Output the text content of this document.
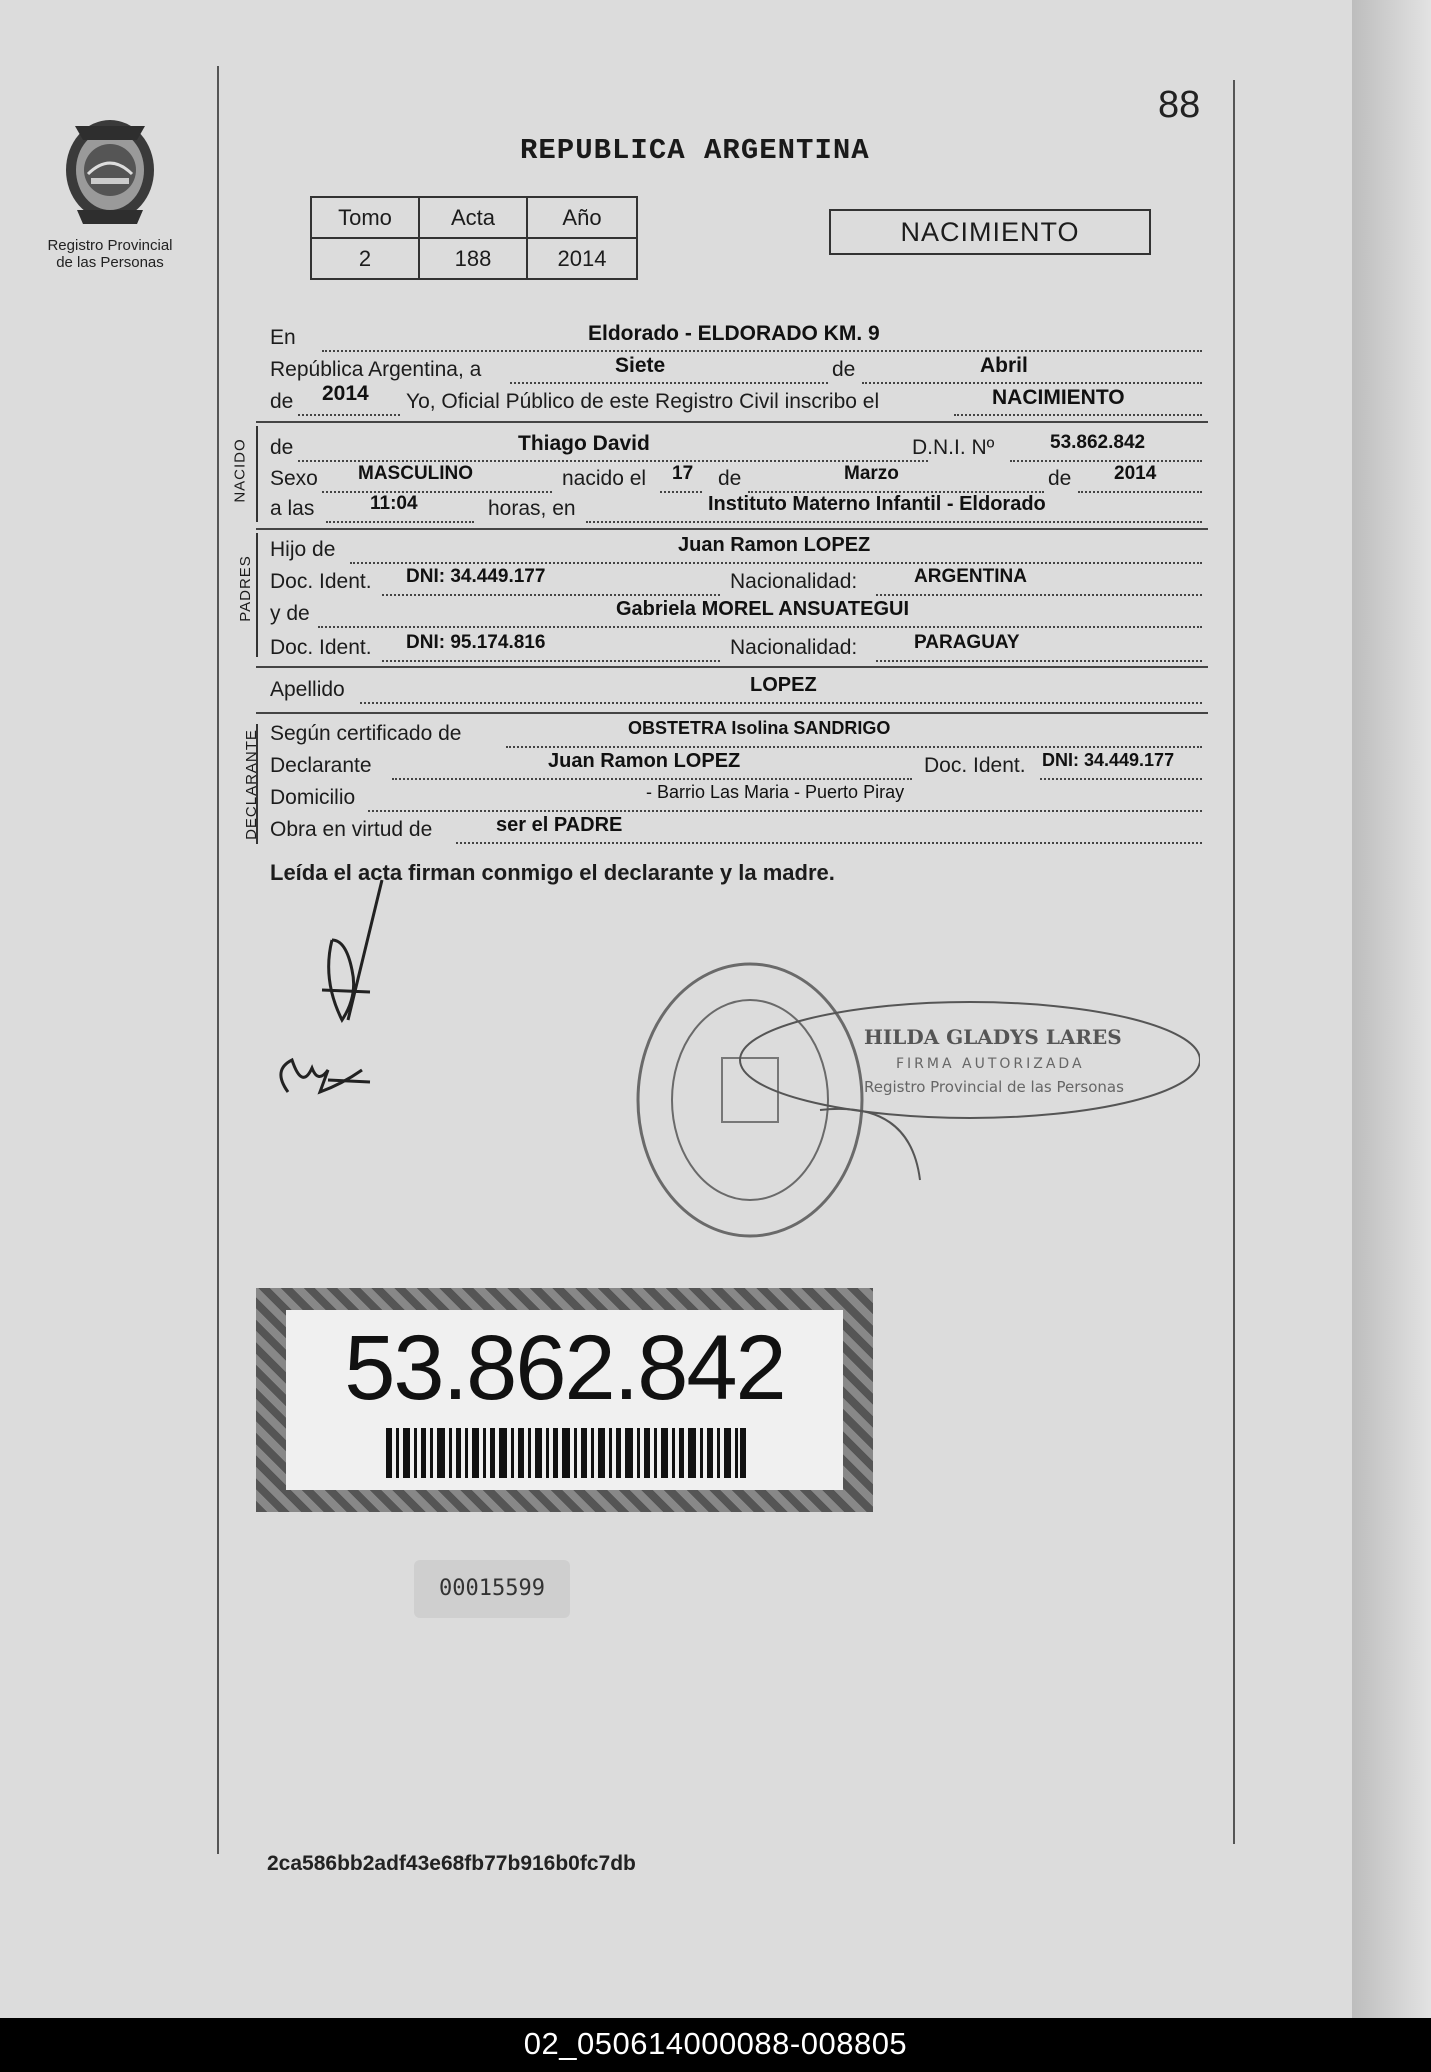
Registro Provincial
de las Personas
88
REPUBLICA ARGENTINA
Tomo	Acta	Año
2	188	2014
NACIMIENTO
En	Eldorado - ELDORADO KM. 9
República Argentina, a	Siete	de	Abril
de 2014 Yo, Oficial Público de este Registro Civil inscribo el	NACIMIENTO
NACIDO de	Thiago David	D.N.I. Nº	53.862.842
Sexo MASCULINO	nacido el 17 de	Marzo	de 2014
a las	11:04	horas, en	Instituto Materno Infantil - Eldorado
PADRES
Hijo de	Juan Ramon LOPEZ
Doc. Ident. DNI: 34.449.177	Nacionalidad:	ARGENTINA
y de	Gabriela MOREL ANSUATEGUI
Doc. Ident. DNI: 95.174.816	Nacionalidad:	PARAGUAY
Apellido	LOPEZ
DECLARANTE Según certificado de	OBSTETRA Isolina SANDRIGO
Declarante	Juan Ramon LOPEZ	Doc. Ident. DNI: 34.449.177
Domicilio	- Barrio Las Maria - Puerto Piray
Obra en virtud de	ser el PADRE
Leída el acta firman conmigo el declarante y la madre.
HILDA GLADYS LARES
FIRMA AUTORIZADA
Registro Provincial de las Personas
53.862.842
00015599
2ca586bb2adf43e68fb77b916b0fc7db
02_050614000088-008805
